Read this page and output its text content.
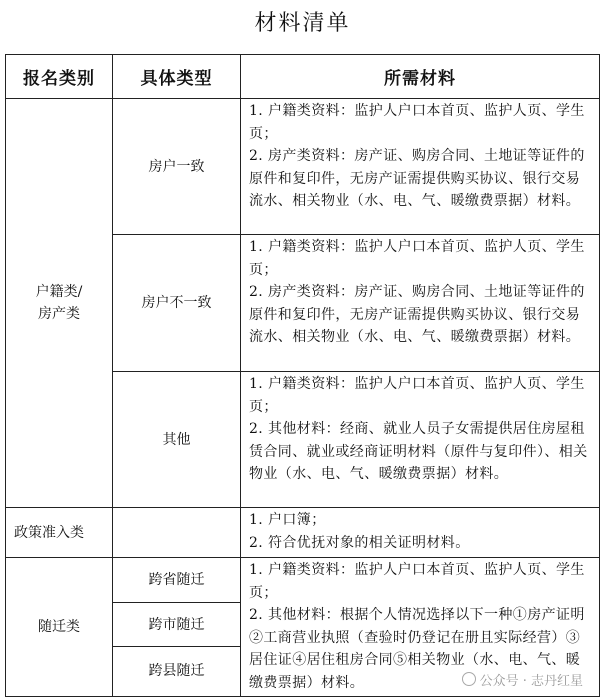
材料清单
报名类别	具体类型	所需材料

户籍类/
房产类	房户一致	1. 户籍类资料：监护人户口本首页、监护人页、学生页；
2. 房产类资料：房产证、购房合同、土地证等证件的原件和复印件，无房产证需提供购买协议、银行交易流水、相关物业（水、电、气、暖缴费票据）材料。

	房户不一致	1. 户籍类资料：监护人户口本首页、监护人页、学生页；
2. 房产类资料：房产证、购房合同、土地证等证件的原件和复印件，无房产证需提供购买协议、银行交易流水、相关物业（水、电、气、暖缴费票据）材料。

	其他	1. 户籍类资料：监护人户口本首页、监护人页、学生页；
2. 其他材料：经商、就业人员子女需提供居住房屋租赁合同、就业或经商证明材料（原件与复印件）、相关物业（水、电、气、暖缴费票据）材料。

政策准入类		1. 户口簿；
2. 符合优抚对象的相关证明材料。

随迁类	跨省随迁	1. 户籍类资料：监护人户口本首页、监护人页、学生页；
2. 其他材料：根据个人情况选择以下一种①房产证明②工商营业执照（查验时仍登记在册且实际经营）③居住证④居住租房合同⑤相关物业（水、电、气、暖缴费票据）材料。

	跨市随迁	
	跨县随迁	
公众号 · 志丹红星
